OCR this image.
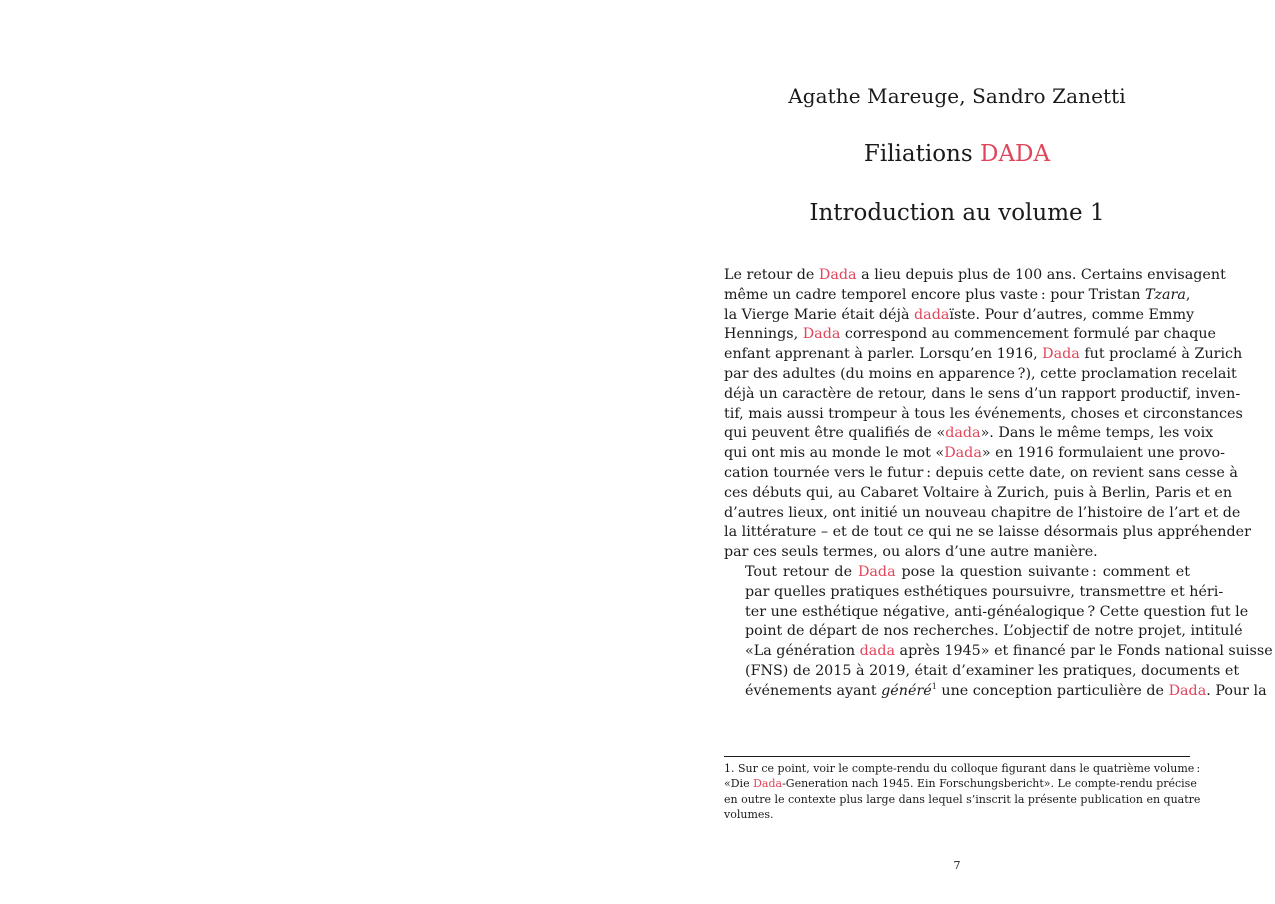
Agathe Mareuge, Sandro Zanetti
Filiations DADA
Introduction au volume 1

Le retour de Dada a lieu depuis plus de 100 ans. Certains envisagent
même un cadre temporel encore plus vaste : pour Tristan Tzara,
la Vierge Marie était déjà dadaïste. Pour d’autres, comme Emmy
Hennings, Dada correspond au commencement formulé par chaque
enfant apprenant à parler. Lorsqu’en 1916, Dada fut proclamé à Zurich
par des adultes (du moins en apparence ?), cette proclamation recelait
déjà un caractère de retour, dans le sens d’un rapport productif, inven-
tif, mais aussi trompeur à tous les événements, choses et circonstances
qui peuvent être qualifiés de «dada». Dans le même temps, les voix
qui ont mis au monde le mot «Dada» en 1916 formulaient une provo-
cation tournée vers le futur : depuis cette date, on revient sans cesse à
ces débuts qui, au Cabaret Voltaire à Zurich, puis à Berlin, Paris et en
d’autres lieux, ont initié un nouveau chapitre de l’histoire de l’art et de
la littérature – et de tout ce qui ne se laisse désormais plus appréhender
par ces seuls termes, ou alors d’une autre manière.

Tout retour de Dada pose la question suivante : comment et
par quelles pratiques esthétiques poursuivre, transmettre et héri-
ter une esthétique négative, anti-généalogique ? Cette question fut le
point de départ de nos recherches. L’objectif de notre projet, intitulé
«La génération dada après 1945» et financé par le Fonds national suisse
(FNS) de 2015 à 2019, était d’examiner les pratiques, documents et
événements ayant généré$^1$ une conception particulière de Dada. Pour la

1. Sur ce point, voir le compte-rendu du colloque figurant dans le quatrième volume :
«Die Dada-Generation nach 1945. Ein Forschungsbericht». Le compte-rendu précise
en outre le contexte plus large dans lequel s’inscrit la présente publication en quatre
volumes.
7
